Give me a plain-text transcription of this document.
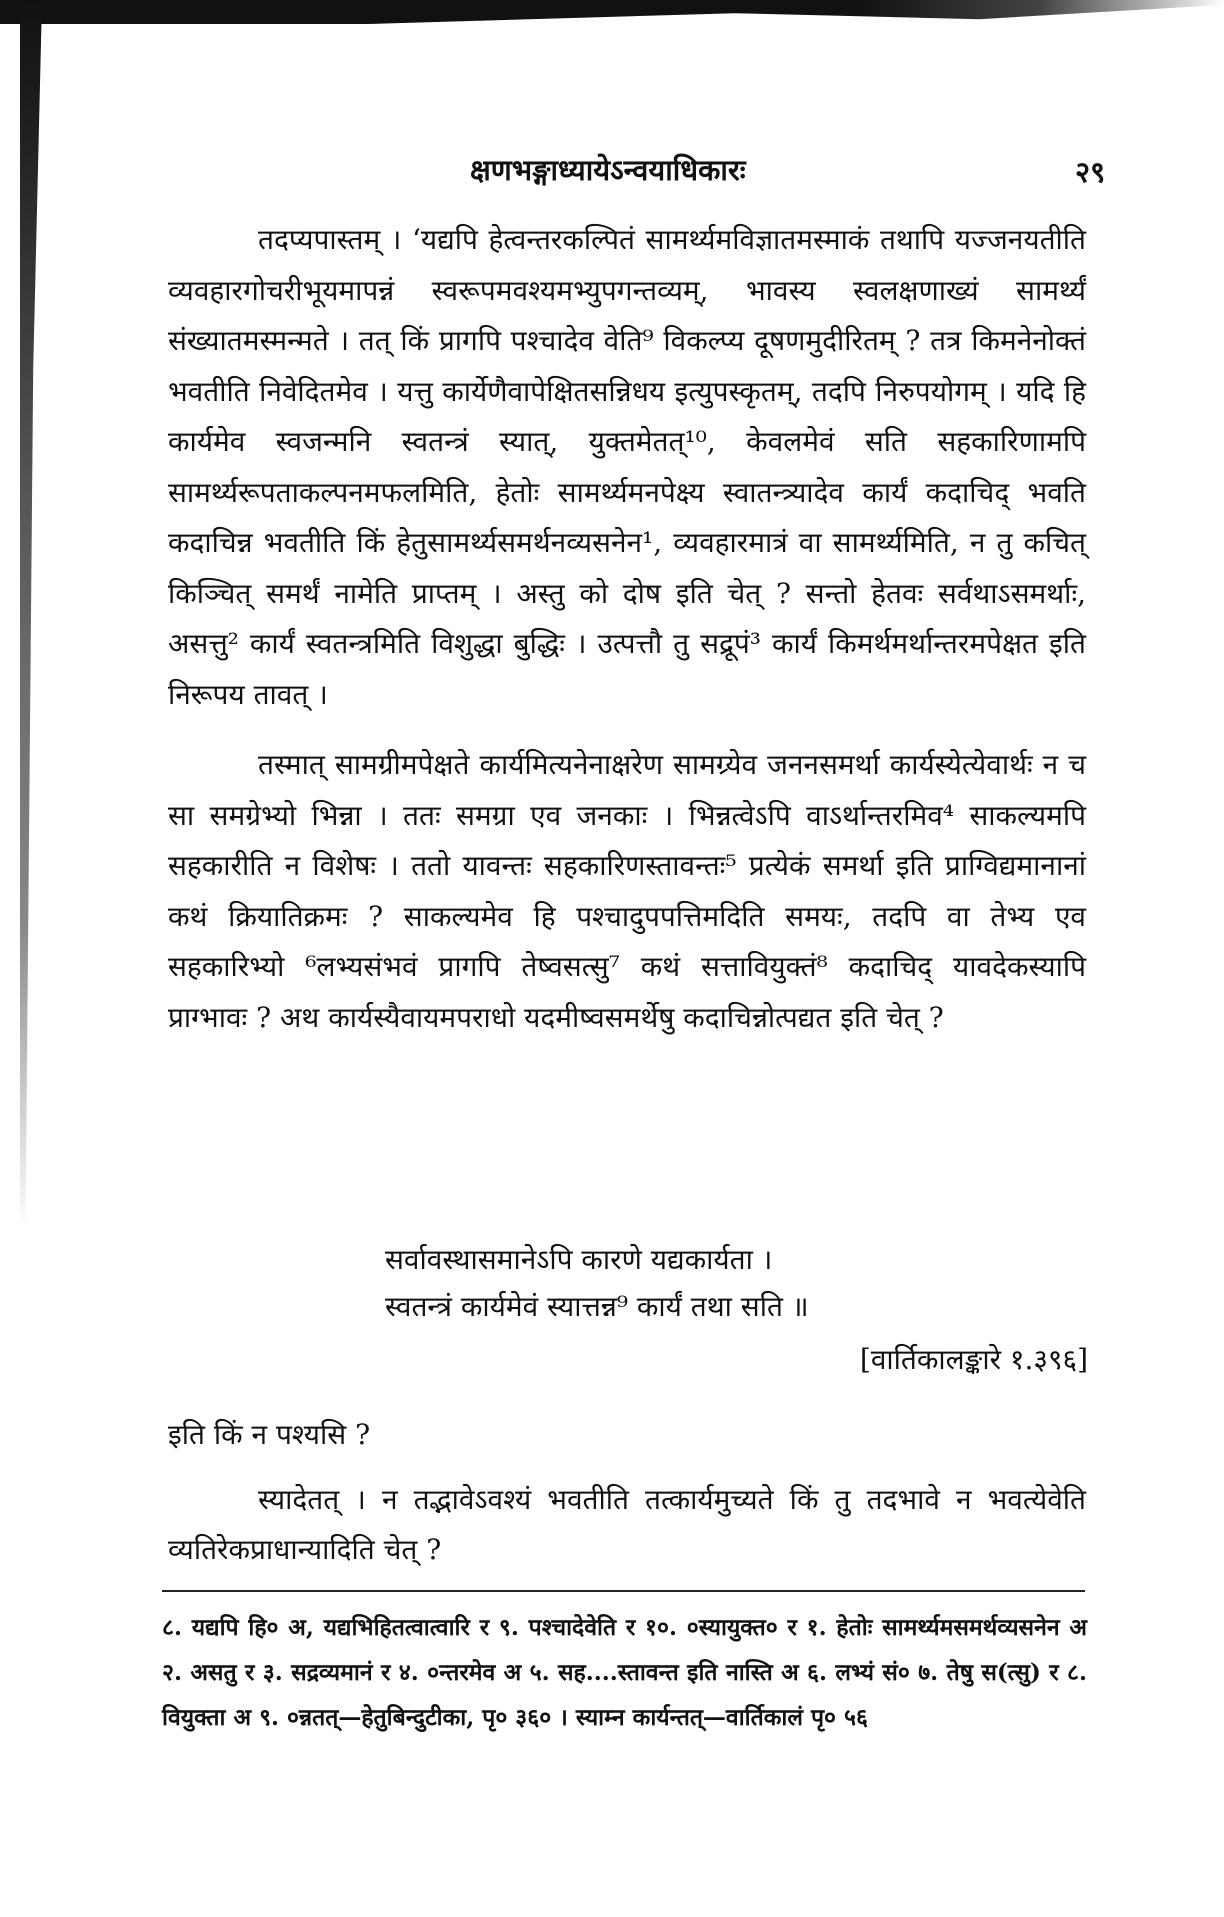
क्षणभङ्गाध्यायेऽन्वयाधिकारः	२९

तदप्यपास्तम् । ‘यद्यपि हेत्वन्तरकल्पितं सामर्थ्यमविज्ञातमस्माकं तथापि यज्जनयतीति व्यवहारगोचरीभूयमापन्नं स्वरूपमवश्यमभ्युपगन्तव्यम्, भावस्य स्वलक्षणाख्यं सामर्थ्यं संख्यातमस्मन्मते । तत् किं प्रागपि पश्चादेव वेति⁹ विकल्प्य दूषणमुदीरितम् ? तत्र किमनेनोक्तं भवतीति निवेदितमेव । यत्तु कार्येणैवापेक्षितसन्निधय इत्युपस्कृतम्, तदपि निरुपयोगम् । यदि हि कार्यमेव स्वजन्मनि स्वतन्त्रं स्यात्, युक्तमेतत्¹⁰, केवलमेवं सति सहकारिणामपि सामर्थ्यरूपताकल्पनमफलमिति, हेतोः सामर्थ्यमनपेक्ष्य स्वातन्त्र्यादेव कार्यं कदाचिद् भवति कदाचिन्न भवतीति किं हेतुसामर्थ्यसमर्थनव्यसनेन¹, व्यवहारमात्रं वा सामर्थ्यमिति, न तु कचित् किञ्चित् समर्थं नामेति प्राप्तम् । अस्तु को दोष इति चेत् ? सन्तो हेतवः सर्वथाऽसमर्थाः, असत्तु² कार्यं स्वतन्त्रमिति विशुद्धा बुद्धिः । उत्पत्तौ तु सद्रूपं³ कार्यं किमर्थमर्थान्तरमपेक्षत इति निरूपय तावत् ।

तस्मात् सामग्रीमपेक्षते कार्यमित्यनेनाक्षरेण सामग्र्येव जननसमर्था कार्यस्येत्येवार्थः न च सा समग्रेभ्यो भिन्ना । ततः समग्रा एव जनकाः । भिन्नत्वेऽपि वाऽर्थान्तरमिव⁴ साकल्यमपि सहकारीति न विशेषः । ततो यावन्तः सहकारिणस्तावन्तः⁵ प्रत्येकं समर्था इति प्राग्विद्यमानानां कथं क्रियातिक्रमः ? साकल्यमेव हि पश्चादुपपत्तिमदिति समयः, तदपि वा तेभ्य एव सहकारिभ्यो ⁶लभ्यसंभवं प्रागपि तेष्वसत्सु⁷ कथं सत्तावियुक्तं⁸ कदाचिद् यावदेकस्यापि प्राग्भावः ? अथ कार्यस्यैवायमपराधो यदमीष्वसमर्थेषु कदाचिन्नोत्पद्यत इति चेत् ?

सर्वावस्थासमानेऽपि कारणे यद्यकार्यता ।
स्वतन्त्रं कार्यमेवं स्यात्तन्न⁹ कार्यं तथा सति ॥
[वार्तिकालङ्कारे १.३९६]

इति किं न पश्यसि ?

स्यादेतत् । न तद्भावेऽवश्यं भवतीति तत्कार्यमुच्यते किं तु तदभावे न भवत्येवेति व्यतिरेकप्राधान्यादिति चेत् ?

८. यद्यपि हि० अ, यद्यभिहितत्वात्वारि र ९. पश्चादेवेति र १०. ०स्यायुक्त० र १. हेतोः सामर्थ्यमसमर्थव्यसनेन अ २. असतु र ३. सद्रव्यमानं र ४. ०न्तरमेव अ ५. सह....स्तावन्त इति नास्ति अ ६. लभ्यं सं० ७. तेषु स(त्सु) र ८. वियुक्ता अ ९. ०न्नतत्—हेतुबिन्दुटीका, पृ० ३६० । स्याम्न कार्यन्तत्—वार्तिकालं पृ० ५६
